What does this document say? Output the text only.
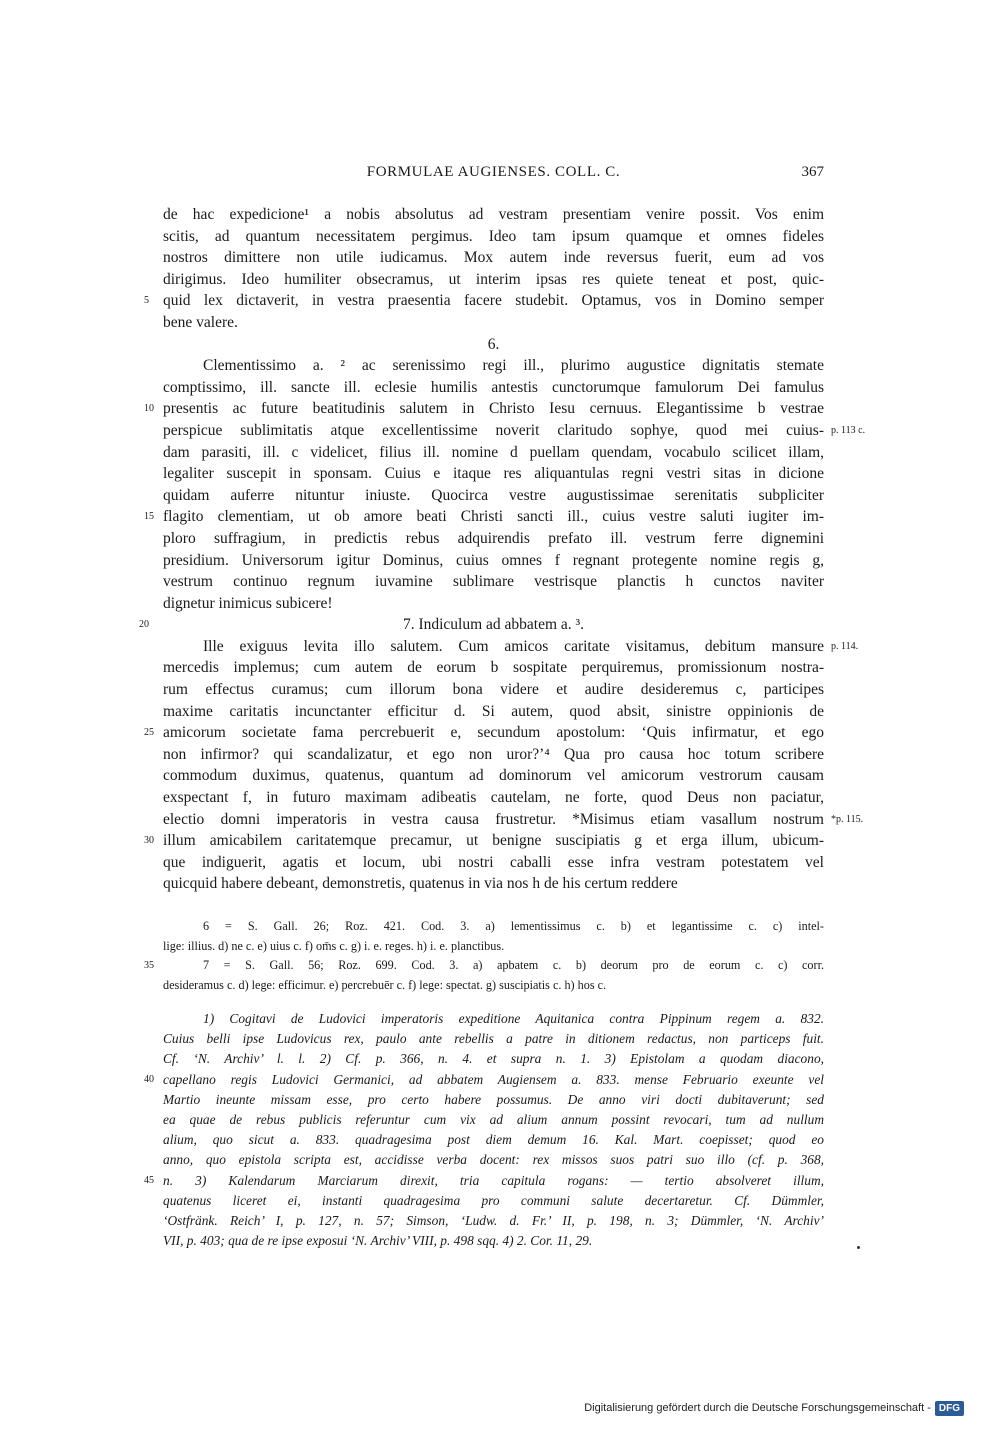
FORMULAE AUGIENSES. COLL. C.	367
de hac expedicione¹ a nobis absolutus ad vestram presentiam venire possit. Vos enim
scitis, ad quantum necessitatem pergimus. Ideo tam ipsum quamque et omnes fideles
nostros dimittere non utile iudicamus. Mox autem inde reversus fuerit, eum ad vos
dirigimus. Ideo humiliter obsecramus, ut interim ipsas res quiete teneat et post, quic-
quid lex dictaverit, in vestra praesentia facere studebit. Optamus, vos in Domino semper
5
bene valere.
6.
Clementissimo a. ² ac serenissimo regi ill., plurimo augustice dignitatis stemate
comptissimo, ill. sancte ill. eclesie humilis antestis cunctorumque famulorum Dei famulus
presentis ac future beatitudinis salutem in Christo Iesu cernuus. Elegantissime b vestrae
10
perspicue sublimitatis atque excellentissime noverit claritudo sophye, quod mei cuius- p. 113 c.
dam parasiti, ill. c videlicet, filius ill. nomine d puellam quendam, vocabulo scilicet illam,
legaliter suscepit in sponsam. Cuius e itaque res aliquantulas regni vestri sitas in dicione
quidam auferre nituntur iniuste. Quocirca vestre augustissimae serenitatis subpliciter
flagito clementiam, ut ob amore beati Christi sancti ill., cuius vestre saluti iugiter im-
15
ploro suffragium, in predictis rebus adquirendis prefato ill. vestrum ferre dignemini
presidium. Universorum igitur Dominus, cuius omnes f regnant protegente nomine regis g,
vestrum continuo regnum iuvamine sublimare vestrisque planctis h cunctos naviter
dignetur inimicus subicere!
7. Indiculum ad abbatem a. ³.
20
Ille exiguus levita illo salutem. Cum amicos caritate visitamus, debitum mansure p. 114.
mercedis implemus; cum autem de eorum b sospitate perquiremus, promissionum nostra-
rum effectus curamus; cum illorum bona videre et audire desideremus c, participes
maxime caritatis incunctanter efficitur d. Si autem, quod absit, sinistre oppinionis de
amicorum societate fama percrebuerit e, secundum apostolum: ‘Quis infirmatur, et ego
25
non infirmor? qui scandalizatur, et ego non uror?’⁴ Qua pro causa hoc totum scribere
commodum duximus, quatenus, quantum ad dominorum vel amicorum vestrorum causam
exspectant f, in futuro maximam adibeatis cautelam, ne forte, quod Deus non paciatur,
electio domni imperatoris in vestra causa frustretur. *Misimus etiam vasallum nostrum *p. 115.
illum amicabilem caritatemque precamur, ut benigne suscipiatis g et erga illum, ubicum-
30
que indiguerit, agatis et locum, ubi nostri caballi esse infra vestram potestatem vel
quicquid habere debeant, demonstretis, quatenus in via nos h de his certum reddere
6 = S. Gall. 26; Roz. 421. Cod. 3. a) lementissimus c. b) et legantissime c. c) intel-
lige: illius. d) ne c. e) uius c. f) om̄s c. g) i. e. reges. h) i. e. planctibus.
7 = S. Gall. 56; Roz. 699. Cod. 3. a) apbatem c. b) deorum pro de eorum c. c) corr.
35
desideramus c. d) lege: efficimur. e) percrebuēr c. f) lege: spectat. g) suscipiatis c. h) hos c.
1) Cogitavi de Ludovici imperatoris expeditione Aquitanica contra Pippinum regem a. 832.
Cuius belli ipse Ludovicus rex, paulo ante rebellis a patre in ditionem redactus, non particeps fuit.
Cf. ‘N. Archiv’ l. l. 2) Cf. p. 366, n. 4. et supra n. 1. 3) Epistolam a quodam diacono,
capellano regis Ludovici Germanici, ad abbatem Augiensem a. 833. mense Februario exeunte vel
40
Martio ineunte missam esse, pro certo habere possumus. De anno viri docti dubitaverunt; sed
ea quae de rebus publicis referuntur cum vix ad alium annum possint revocari, tum ad nullum
alium, quo sicut a. 833. quadragesima post diem demum 16. Kal. Mart. coepisset; quod eo
anno, quo epistola scripta est, accidisse verba docent: rex missos suos patri suo illo (cf. p. 368,
n. 3) Kalendarum Marciarum direxit, tria capitula rogans: — tertio absolveret illum,
45
quatenus liceret ei, instanti quadragesima pro communi salute decertaretur. Cf. Dümmler,
‘Ostfränk. Reich’ I, p. 127, n. 57; Simson, ‘Ludw. d. Fr.’ II, p. 198, n. 3; Dümmler, ‘N. Archiv’
VII, p. 403; qua de re ipse exposui ‘N. Archiv’ VIII, p. 498 sqq. 4) 2. Cor. 11, 29.
Digitalisierung gefördert durch die Deutsche Forschungsgemeinschaft - DFG
